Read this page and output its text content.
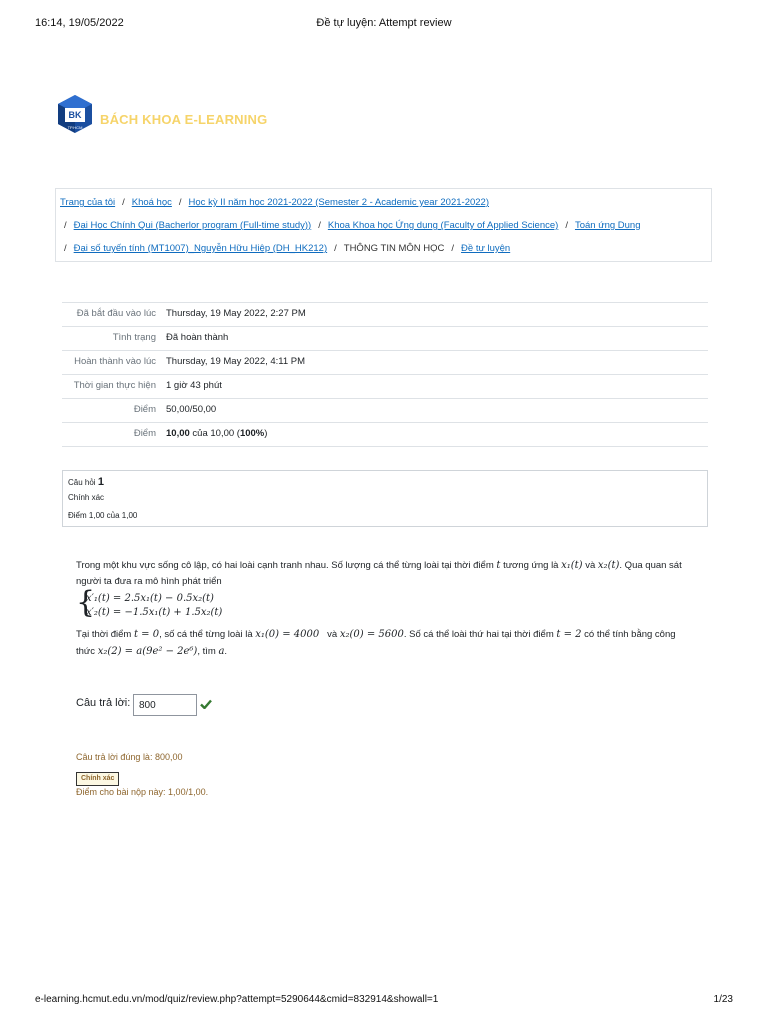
16:14, 19/05/2022	Đề tự luyện: Attempt review
BK
TP.HCM
BÁCH KHOA E-LEARNING
Trang của tôi / Khoá học / Học kỳ II năm học 2021-2022 (Semester 2 - Academic year 2021-2022)
/ Đại Học Chính Qui (Bacherlor program (Full-time study)) / Khoa Khoa học Ứng dụng (Faculty of Applied Science) / Toán ứng Dụng
/ Đại số tuyến tính (MT1007)_Nguyễn Hữu Hiệp (DH_HK212) / THÔNG TIN MÔN HỌC / Đề tự luyện
Đã bắt đầu vào lúc	Thursday, 19 May 2022, 2:27 PM
Tình trạng	Đã hoàn thành
Hoàn thành vào lúc	Thursday, 19 May 2022, 4:11 PM
Thời gian thực hiện	1 giờ 43 phút
Điểm	50,00/50,00
Điểm	10,00 của 10,00 (100%)
Câu hỏi 1
Chính xác
Điểm 1,00 của 1,00
Trong một khu vực sống cô lập, có hai loài cạnh tranh nhau. Số lượng cá thể từng loài tại thời điểm t tương ứng là x₁(t) và x₂(t). Qua quan sát người ta đưa ra mô hình phát triển
{
x′₁(t) = 2.5x₁(t) − 0.5x₂(t)
x′₂(t) = −1.5x₁(t) + 1.5x₂(t)
Tại thời điểm t = 0, số cá thể từng loài là x₁(0) = 4000 và x₂(0) = 5600. Số cá thể loài thứ hai tại thời điểm t = 2 có thể tính bằng công thức x₂(2) = a(9e² − 2e⁶), tìm a.
Câu trả lời:
800
Câu trả lời đúng là: 800,00
Chính xác
Điểm cho bài nộp này: 1,00/1,00.
e-learning.hcmut.edu.vn/mod/quiz/review.php?attempt=5290644&cmid=832914&showall=1	1/23
